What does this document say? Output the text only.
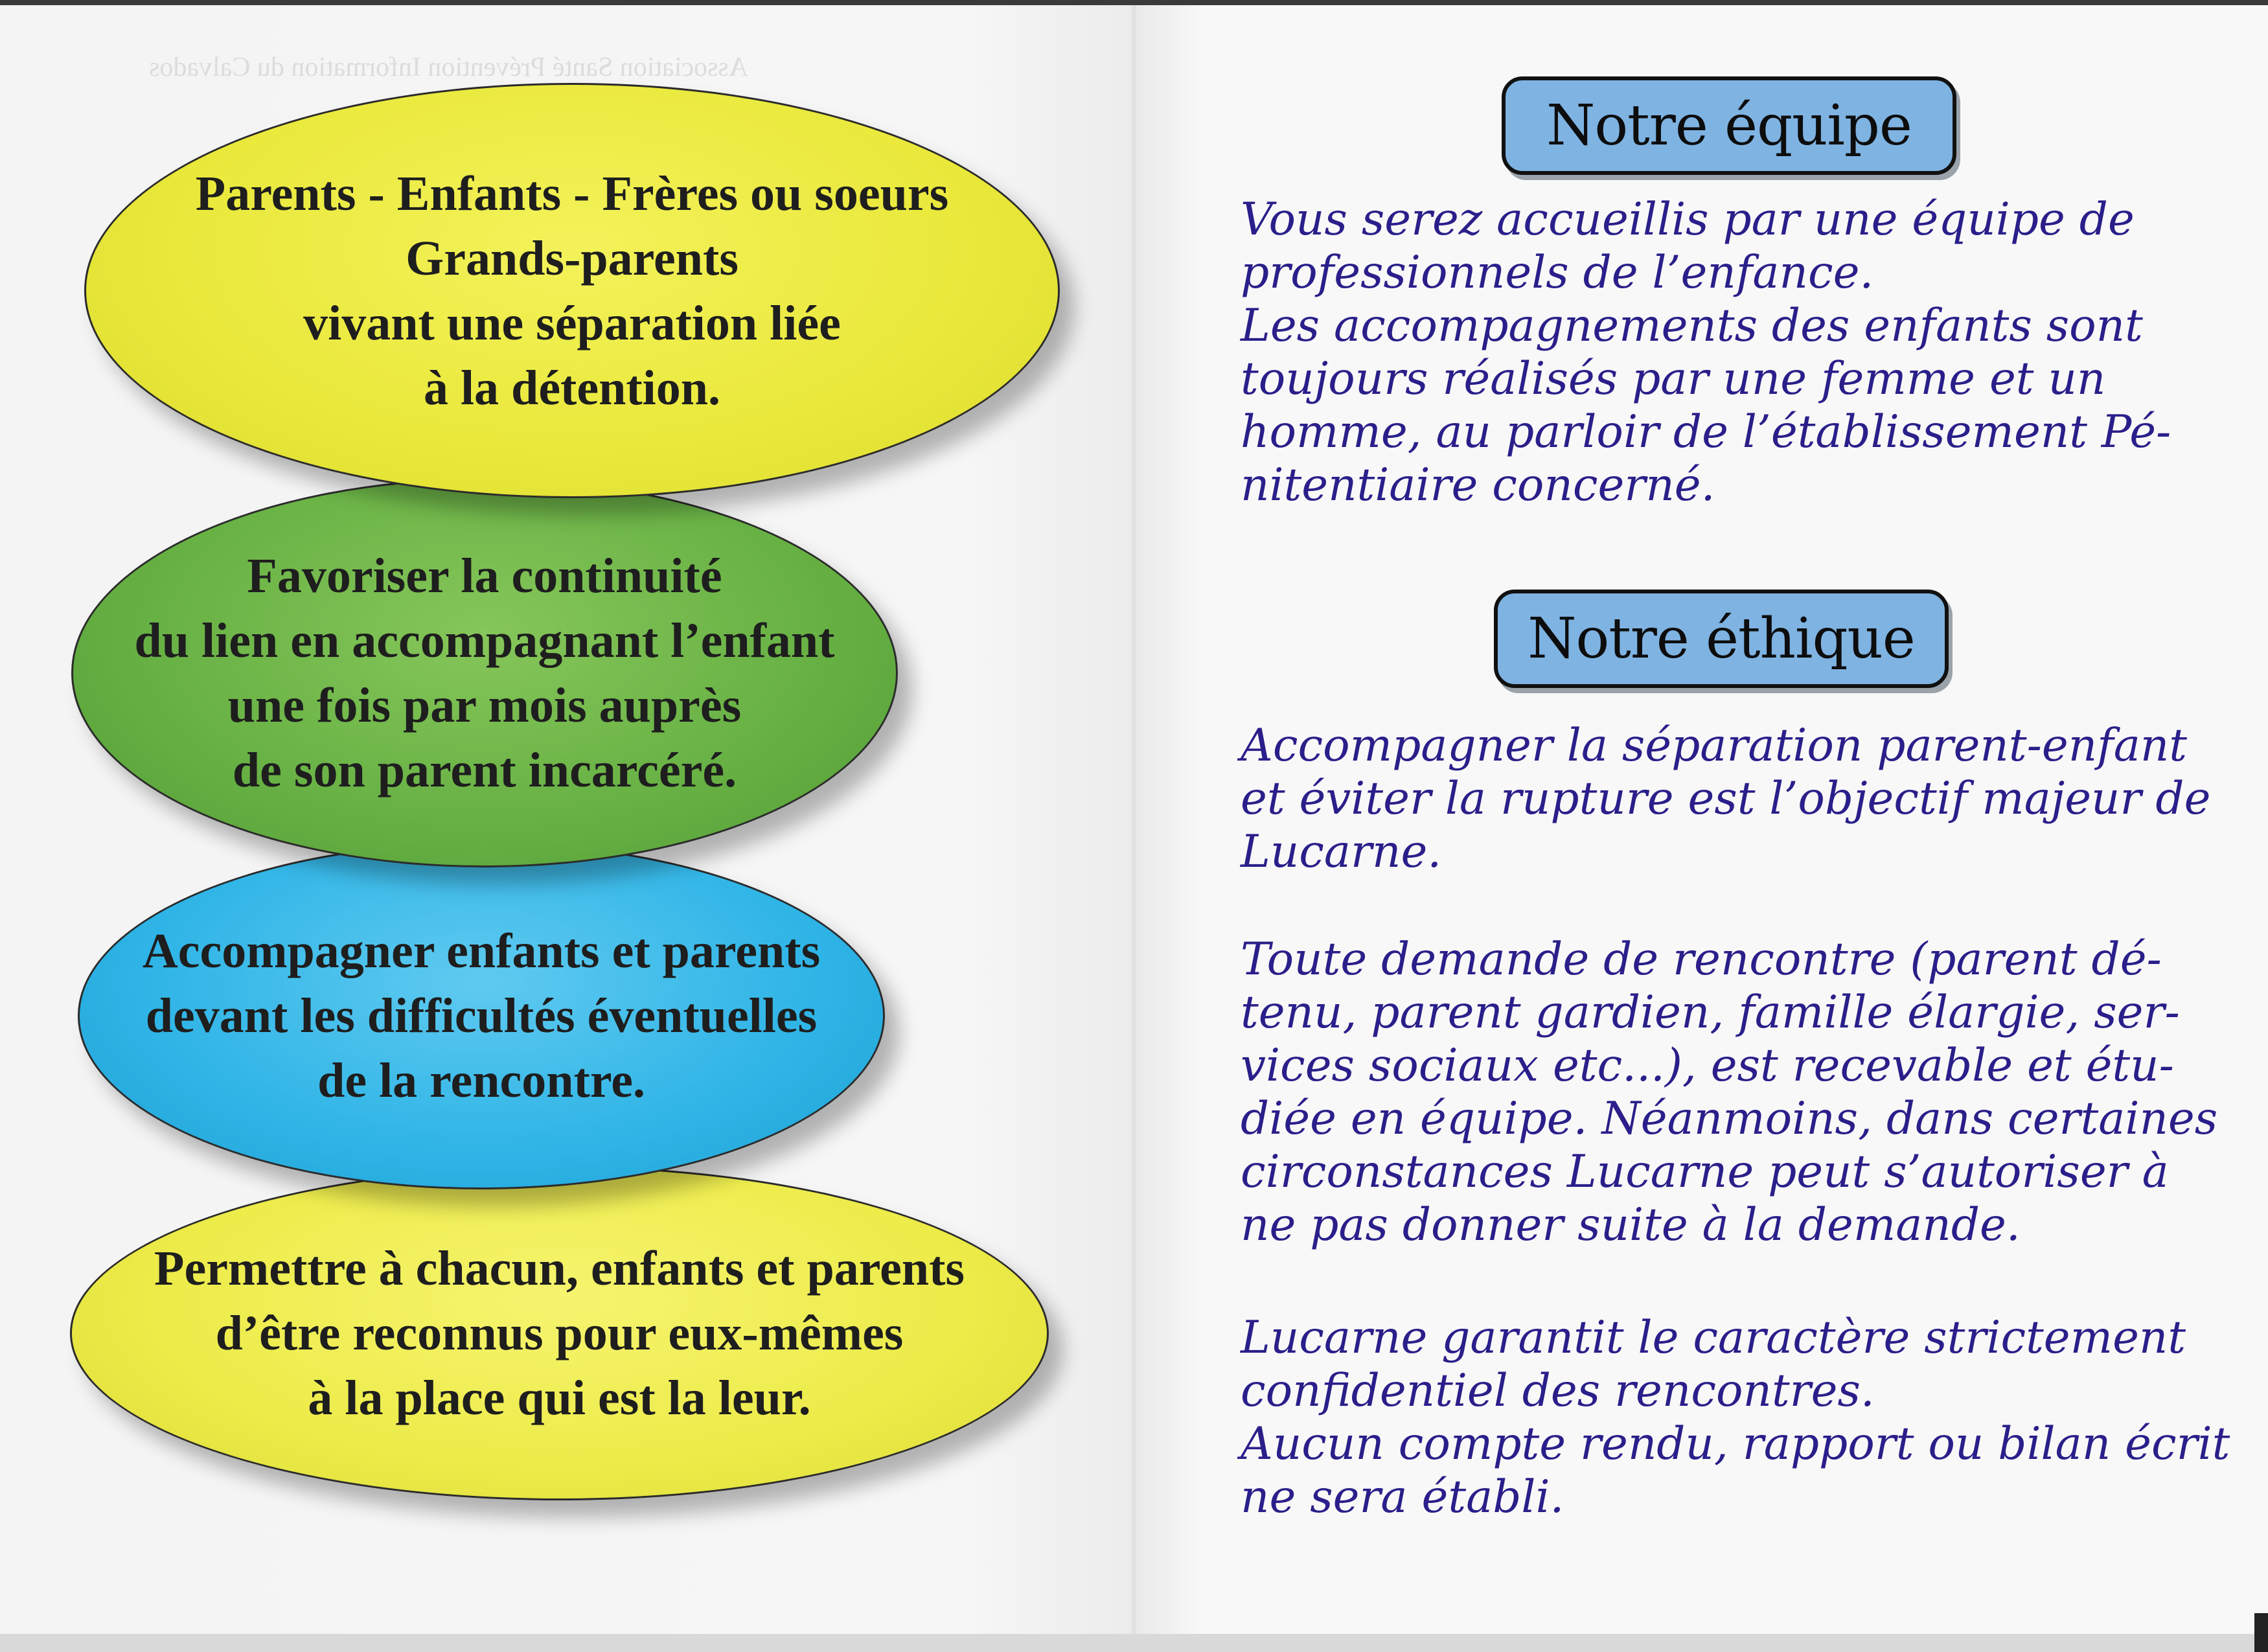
Association Santé Prévention Information du Calvados
Parents - Enfants - Frères ou soeurs
Grands-parents
vivant une séparation liée
à la détention.
Favoriser la continuité
du lien en accompagnant l’enfant
une fois par mois auprès
de son parent incarcéré.
Accompagner enfants et parents
devant les difficultés éventuelles
de la rencontre.
Permettre à chacun, enfants et parents
d’être reconnus pour eux-mêmes
à la place qui est la leur.
Notre équipe
Vous serez accueillis par une équipe de
professionnels de l’enfance.
Les accompagnements des enfants sont
toujours réalisés par une femme et un
homme, au parloir de l’établissement Pé-
nitentiaire concerné.
Notre éthique
Accompagner la séparation parent-enfant
et éviter la rupture est l’objectif majeur de
Lucarne.
Toute demande de rencontre (parent dé-
tenu, parent gardien, famille élargie, ser-
vices sociaux etc...), est recevable et étu-
diée en équipe. Néanmoins, dans certaines
circonstances Lucarne peut s’autoriser à
ne pas donner suite à la demande.
Lucarne garantit le caractère strictement
confidentiel des rencontres.
Aucun compte rendu, rapport ou bilan écrit
ne sera établi.
